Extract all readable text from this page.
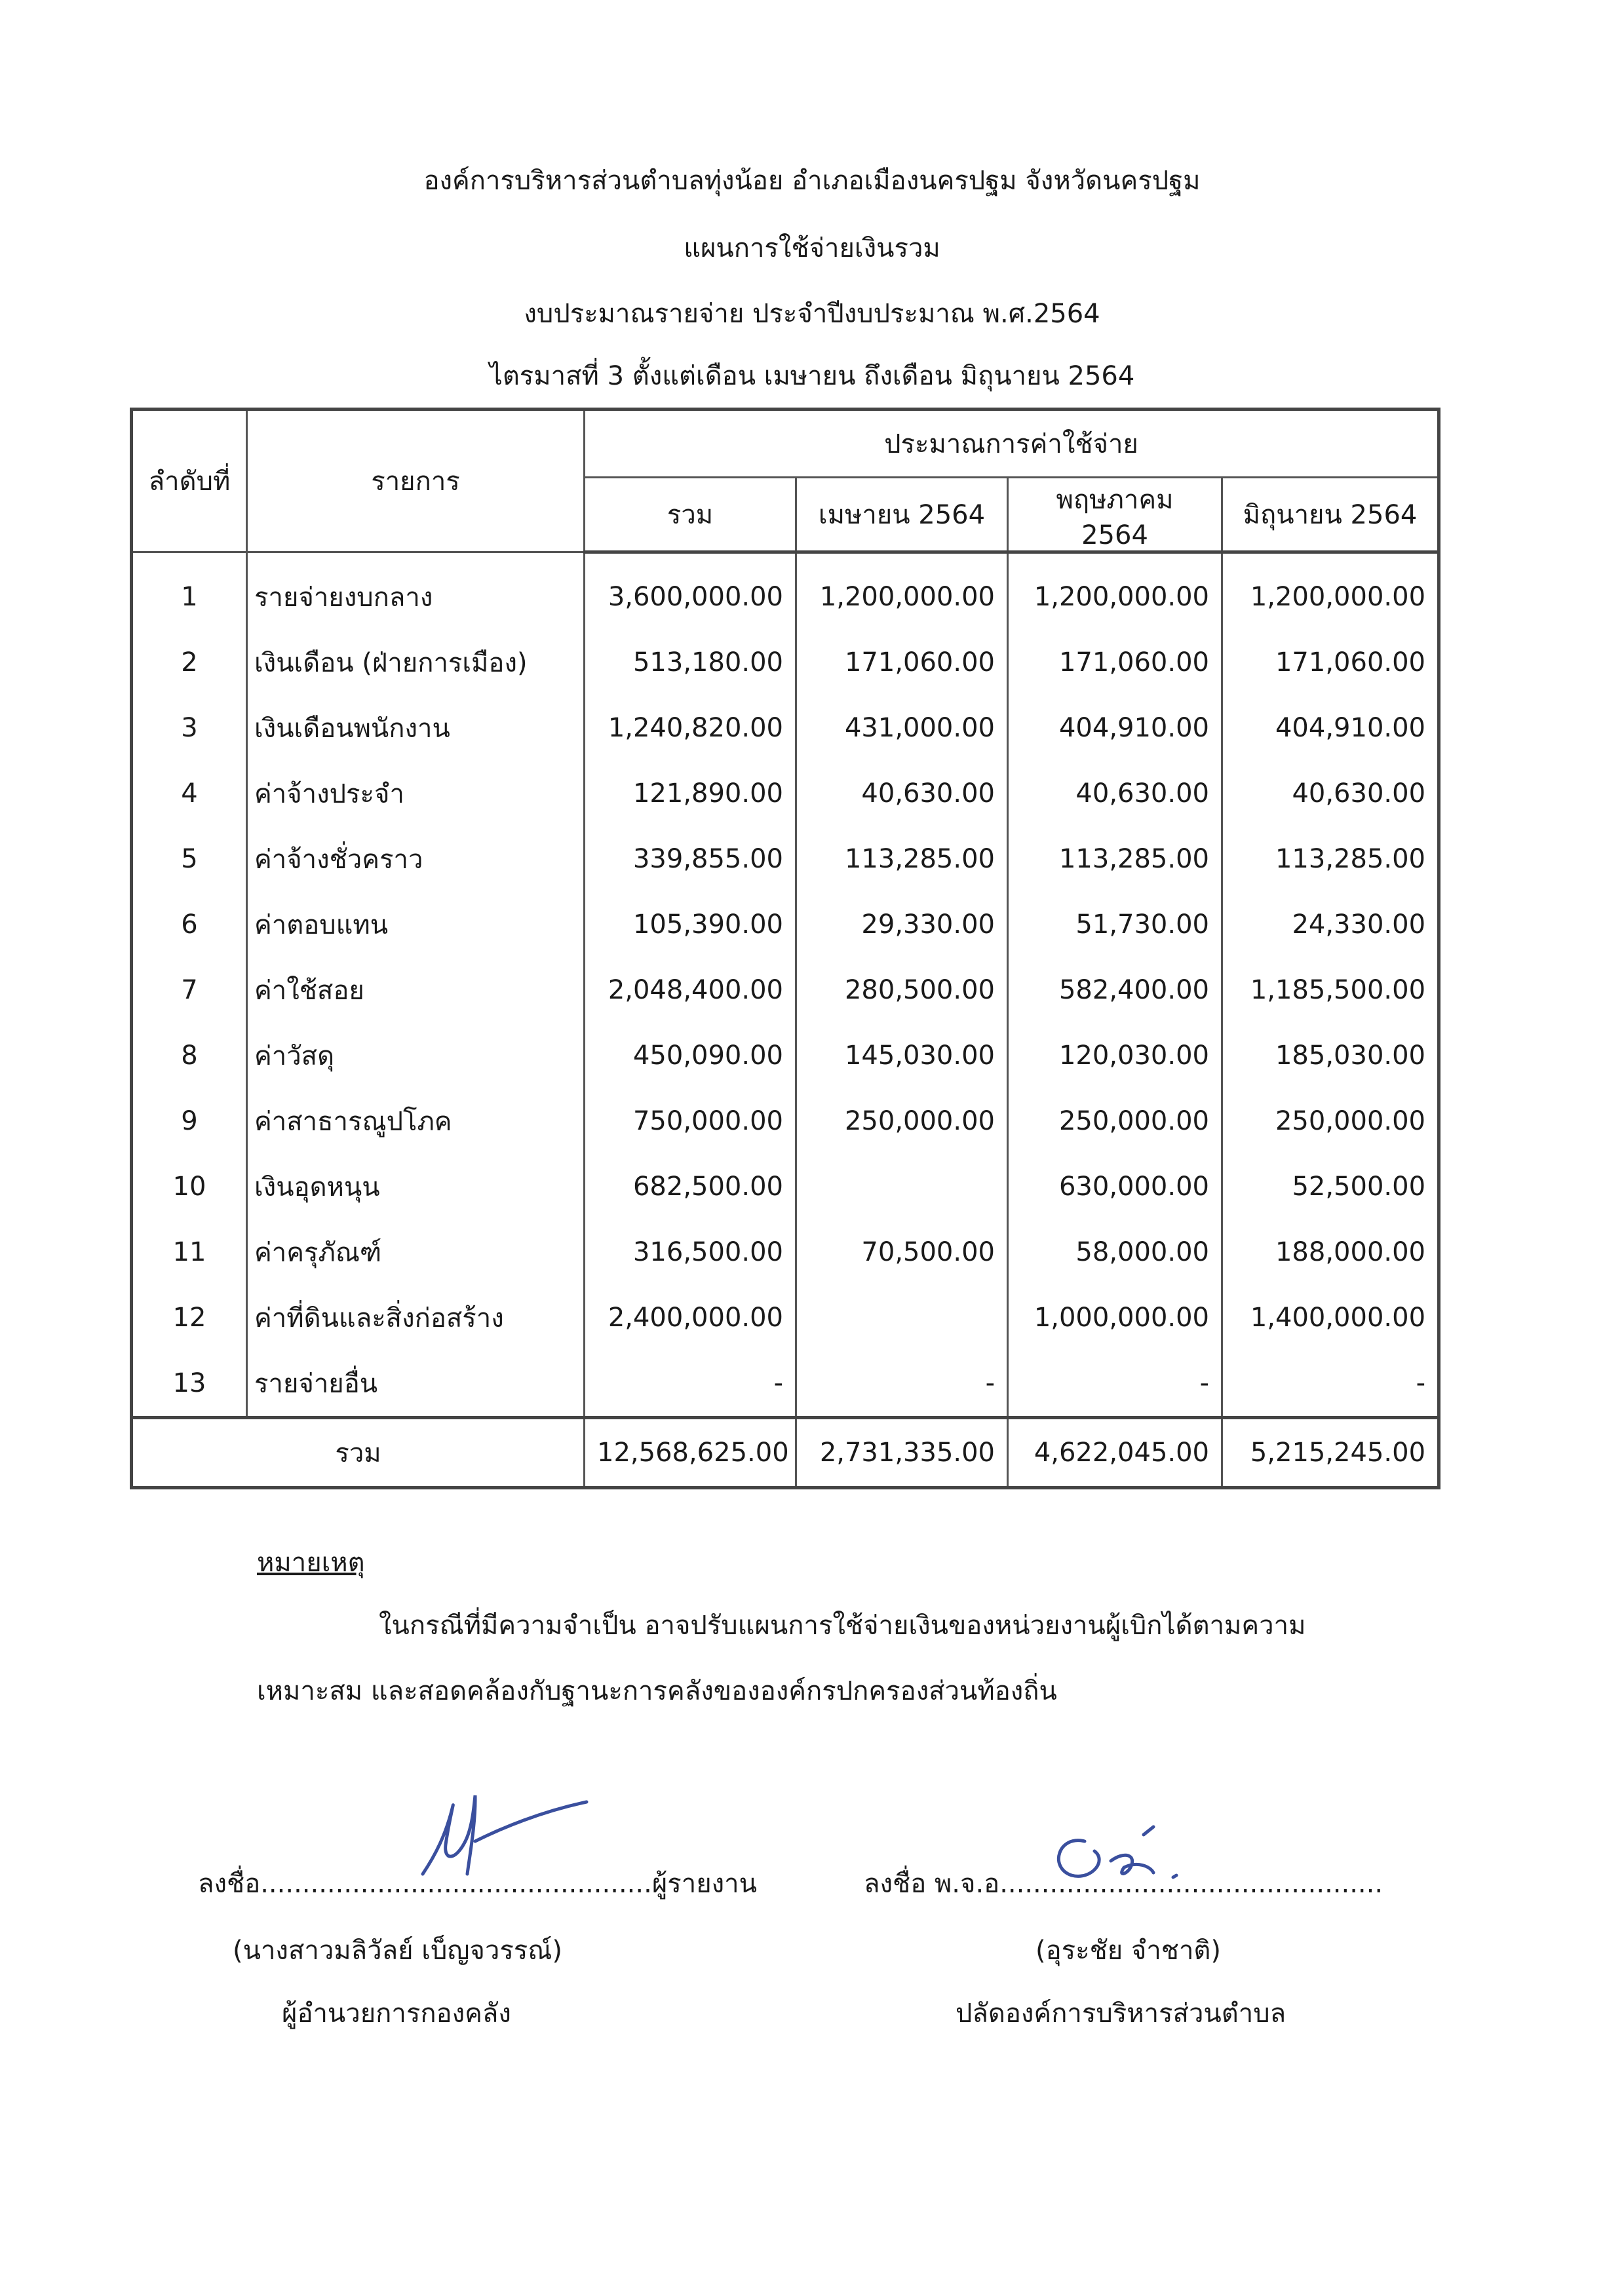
องค์การบริหารส่วนตำบลทุ่งน้อย อำเภอเมืองนครปฐม จังหวัดนครปฐม
แผนการใช้จ่ายเงินรวม
งบประมาณรายจ่าย ประจำปีงบประมาณ พ.ศ.2564
ไตรมาสที่ 3 ตั้งแต่เดือน เมษายน ถึงเดือน มิถุนายน 2564
ลำดับที่	รายการ	ประมาณการค่าใช้จ่าย			
		รวม	เมษายน 2564	พฤษภาคม 2564	มิถุนายน 2564
1	รายจ่ายงบกลาง	3,600,000.00	1,200,000.00	1,200,000.00	1,200,000.00
2	เงินเดือน (ฝ่ายการเมือง)	513,180.00	171,060.00	171,060.00	171,060.00
3	เงินเดือนพนักงาน	1,240,820.00	431,000.00	404,910.00	404,910.00
4	ค่าจ้างประจำ	121,890.00	40,630.00	40,630.00	40,630.00
5	ค่าจ้างชั่วคราว	339,855.00	113,285.00	113,285.00	113,285.00
6	ค่าตอบแทน	105,390.00	29,330.00	51,730.00	24,330.00
7	ค่าใช้สอย	2,048,400.00	280,500.00	582,400.00	1,185,500.00
8	ค่าวัสดุ	450,090.00	145,030.00	120,030.00	185,030.00
9	ค่าสาธารณูปโภค	750,000.00	250,000.00	250,000.00	250,000.00
10	เงินอุดหนุน	682,500.00		630,000.00	52,500.00
11	ค่าครุภัณฑ์	316,500.00	70,500.00	58,000.00	188,000.00
12	ค่าที่ดินและสิ่งก่อสร้าง	2,400,000.00		1,000,000.00	1,400,000.00
13	รายจ่ายอื่น	-	-	-	-
รวม		12,568,625.00	2,731,335.00	4,622,045.00	5,215,245.00
หมายเหตุ
ในกรณีที่มีความจำเป็น อาจปรับแผนการใช้จ่ายเงินของหน่วยงานผู้เบิกได้ตามความ
เหมาะสม และสอดคล้องกับฐานะการคลังขององค์กรปกครองส่วนท้องถิ่น
ลงชื่อ...............................................ผู้รายงาน
(นางสาวมลิวัลย์ เบ็ญจวรรณ์)
ผู้อำนวยการกองคลัง
ลงชื่อ พ.จ.อ..............................................
(อุระชัย จำชาติ)
ปลัดองค์การบริหารส่วนตำบล
